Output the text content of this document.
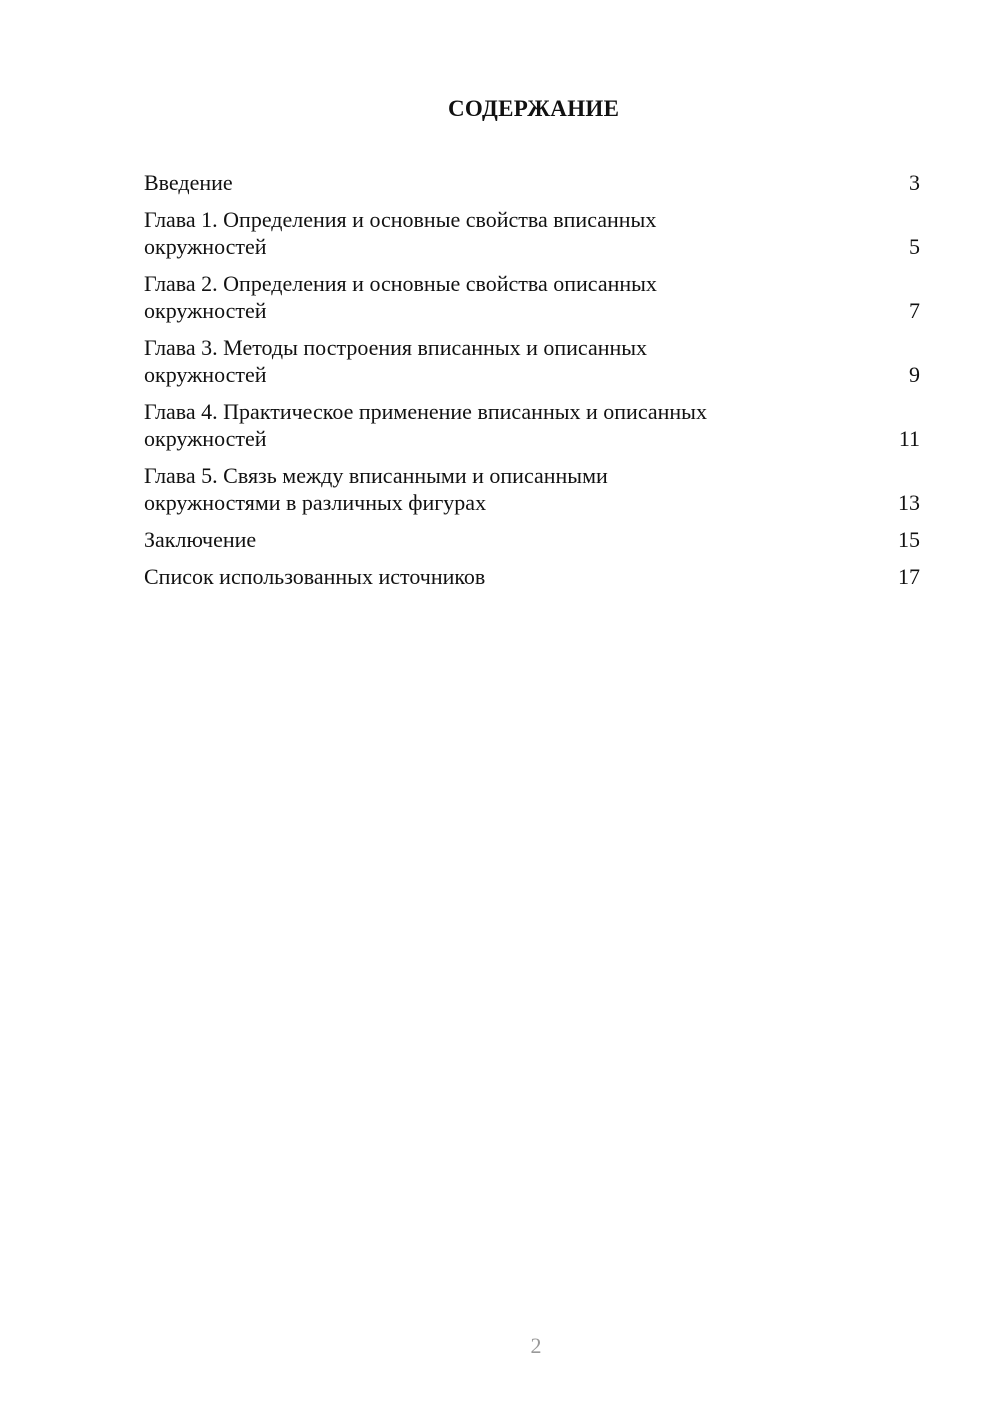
СОДЕРЖАНИЕ
Введение	3
Глава 1. Определения и основные свойства вписанных
окружностей	5
Глава 2. Определения и основные свойства описанных
окружностей	7
Глава 3. Методы построения вписанных и описанных
окружностей	9
Глава 4. Практическое применение вписанных и описанных
окружностей	11
Глава 5. Связь между вписанными и описанными
окружностями в различных фигурах	13
Заключение	15
Список использованных источников	17
2
